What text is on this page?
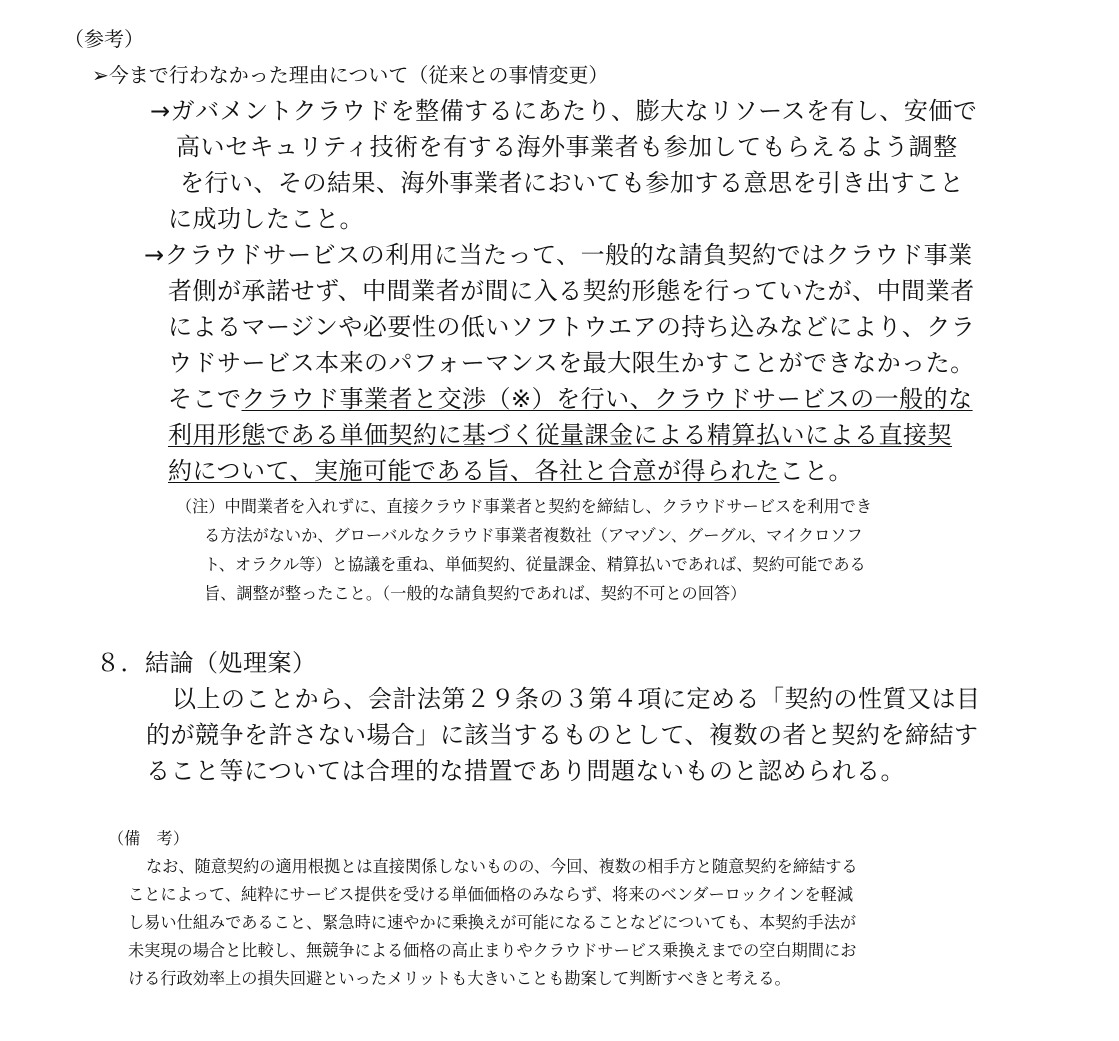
（参考）
➢今まで行わなかった理由について（従来との事情変更）
→ガバメントクラウドを整備するにあたり、膨大なリソースを有し、安価で
高いセキュリティ技術を有する海外事業者も参加してもらえるよう調整
を行い、その結果、海外事業者においても参加する意思を引き出すこと
に成功したこと。
→クラウドサービスの利用に当たって、一般的な請負契約ではクラウド事業
者側が承諾せず、中間業者が間に入る契約形態を行っていたが、中間業者
によるマージンや必要性の低いソフトウエアの持ち込みなどにより、クラ
ウドサービス本来のパフォーマンスを最大限生かすことができなかった。
そこでクラウド事業者と交渉（※）を行い、クラウドサービスの一般的な
利用形態である単価契約に基づく従量課金による精算払いによる直接契
約について、実施可能である旨、各社と合意が得られたこと。
（注）中間業者を入れずに、直接クラウド事業者と契約を締結し、クラウドサービスを利用でき
る方法がないか、グローバルなクラウド事業者複数社（アマゾン、グーグル、マイクロソフ
ト、オラクル等）と協議を重ね、単価契約、従量課金、精算払いであれば、契約可能である
旨、調整が整ったこと。（一般的な請負契約であれば、契約不可との回答）
８．結論（処理案）
以上のことから、会計法第２９条の３第４項に定める「契約の性質又は目
的が競争を許さない場合」に該当するものとして、複数の者と契約を締結す
ること等については合理的な措置であり問題ないものと認められる。
（備　考）
なお、随意契約の適用根拠とは直接関係しないものの、今回、複数の相手方と随意契約を締結する
ことによって、純粋にサービス提供を受ける単価価格のみならず、将来のベンダーロックインを軽減
し易い仕組みであること、緊急時に速やかに乗換えが可能になることなどについても、本契約手法が
未実現の場合と比較し、無競争による価格の高止まりやクラウドサービス乗換えまでの空白期間にお
ける行政効率上の損失回避といったメリットも大きいことも勘案して判断すべきと考える。
